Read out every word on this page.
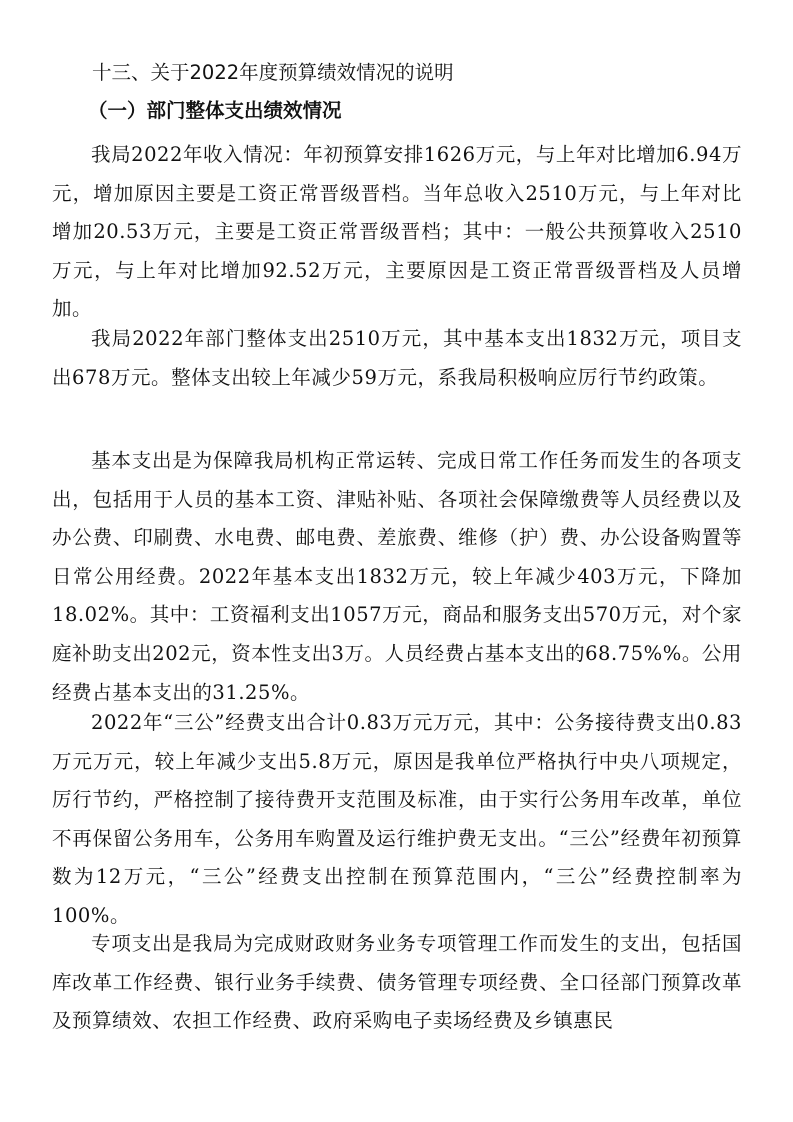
十三、关于2022年度预算绩效情况的说明
（一）部门整体支出绩效情况

我局2022年收入情况：年初预算安排1626万元，与上年对比增加6.94万元，增加原因主要是工资正常晋级晋档。当年总收入2510万元，与上年对比增加20.53万元，主要是工资正常晋级晋档；其中：一般公共预算收入2510万元，与上年对比增加92.52万元，主要原因是工资正常晋级晋档及人员增加。

我局2022年部门整体支出2510万元，其中基本支出1832万元，项目支出678万元。整体支出较上年减少59万元，系我局积极响应厉行节约政策。

基本支出是为保障我局机构正常运转、完成日常工作任务而发生的各项支出，包括用于人员的基本工资、津贴补贴、各项社会保障缴费等人员经费以及办公费、印刷费、水电费、邮电费、差旅费、维修（护）费、办公设备购置等日常公用经费。2022年基本支出1832万元，较上年减少403万元，下降加18.02%。其中：工资福利支出1057万元，商品和服务支出570万元，对个家庭补助支出202元，资本性支出3万。人员经费占基本支出的68.75%%。公用经费占基本支出的31.25%。

2022年“三公”经费支出合计0.83万元万元，其中：公务接待费支出0.83万元万元，较上年减少支出5.8万元，原因是我单位严格执行中央八项规定，厉行节约，严格控制了接待费开支范围及标准，由于实行公务用车改革，单位不再保留公务用车，公务用车购置及运行维护费无支出。“三公”经费年初预算数为12万元，“三公”经费支出控制在预算范围内，“三公”经费控制率为100%。

专项支出是我局为完成财政财务业务专项管理工作而发生的支出，包括国库改革工作经费、银行业务手续费、债务管理专项经费、全口径部门预算改革及预算绩效、农担工作经费、政府采购电子卖场经费及乡镇惠民
